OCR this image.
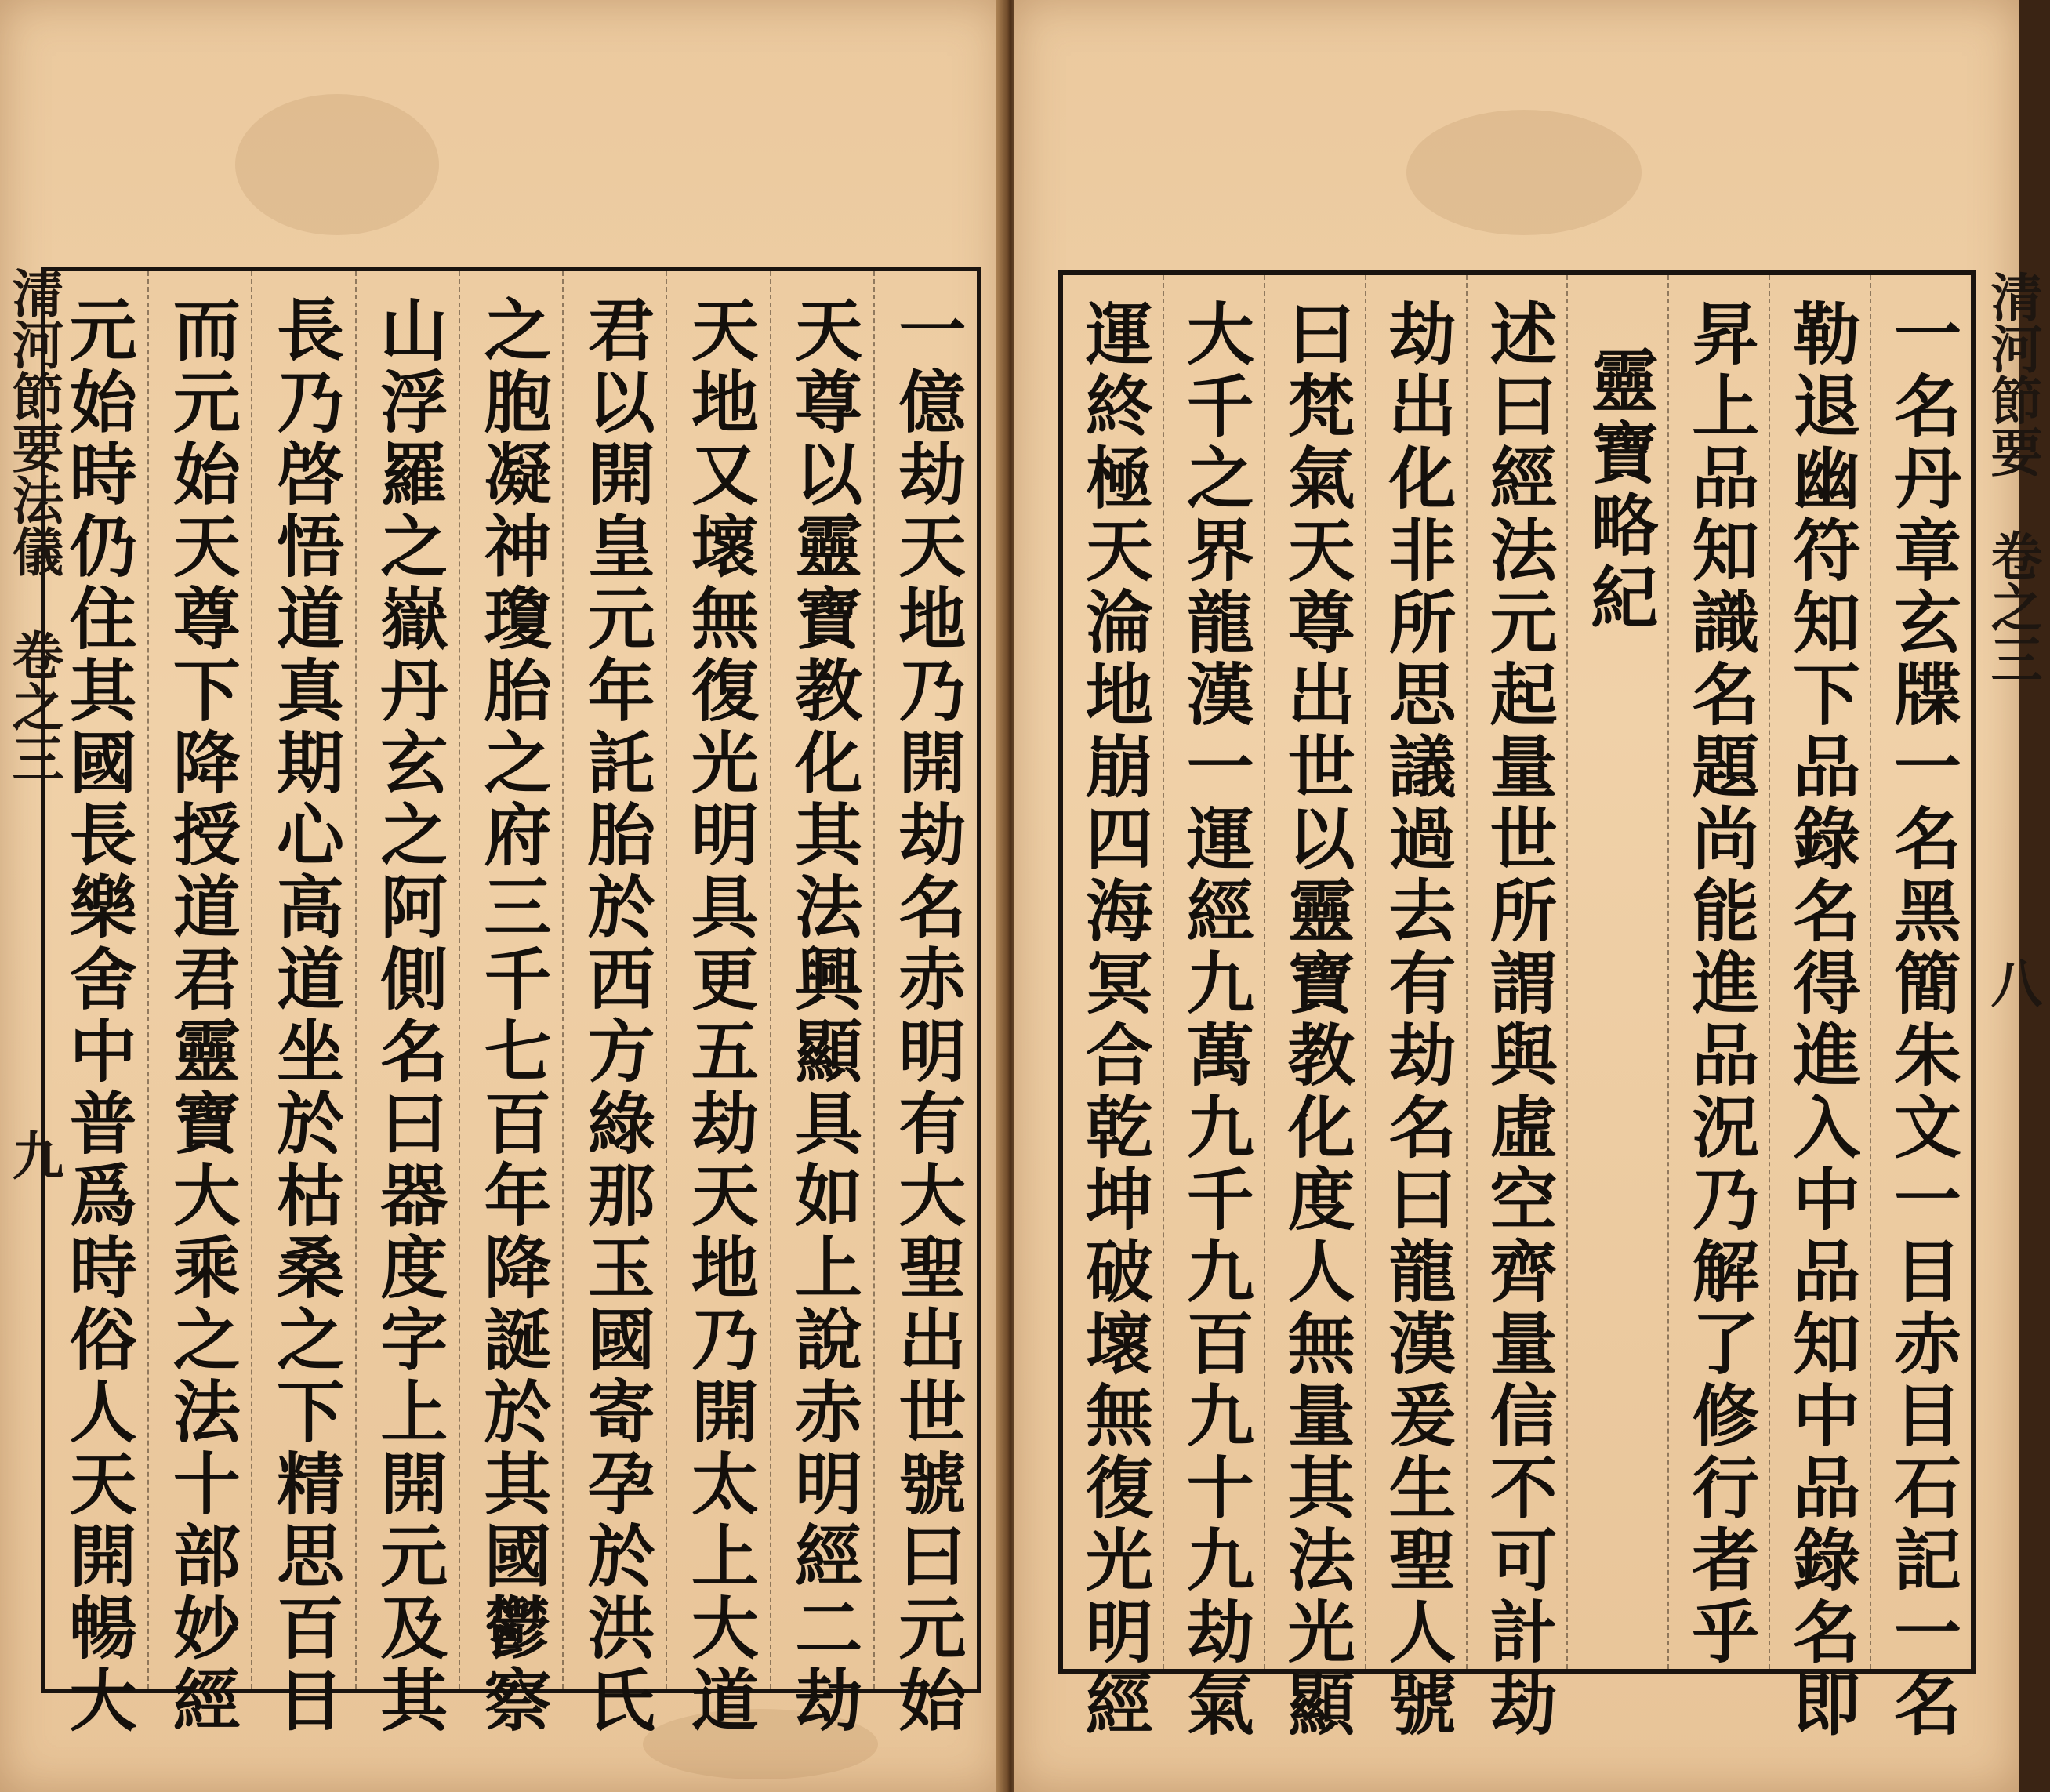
清河節要法儀　卷之三
九	一億劫天地乃開劫名赤明有大聖出世號曰元始
天尊以靈寶教化其法興顯具如上說赤明經二劫
天地又壞無復光明具更五劫天地乃開太上大道
君以開皇元年託胎於西方綠那玉國寄孕於洪氏
之胞凝神瓊胎之府三千七百年降誕於其國鬱察
山浮羅之嶽丹玄之阿側名曰器度字上開元及其
長乃啓悟道真期心高道坐於枯桑之下精思百日
而元始天尊下降授道君靈寶大乘之法十部妙經
元始時仍住其國長樂舍中普爲時俗人天開暢大	一名丹章玄牒一名黑簡朱文一目赤目石記一名
勒退幽符知下品錄名得進入中品知中品錄名即
昇上品知識名題尚能進品況乃解了修行者乎
靈寶略紀
述曰經法元起量世所謂與虛空齊量信不可計劫
劫出化非所思議過去有劫名曰龍漢爰生聖人號
曰梵氣天尊出世以靈寶教化度人無量其法光顯
大千之界龍漢一運經九萬九千九百九十九劫氣
運終極天淪地崩四海冥合乾坤破壞無復光明經	清河節要　卷之三
八
